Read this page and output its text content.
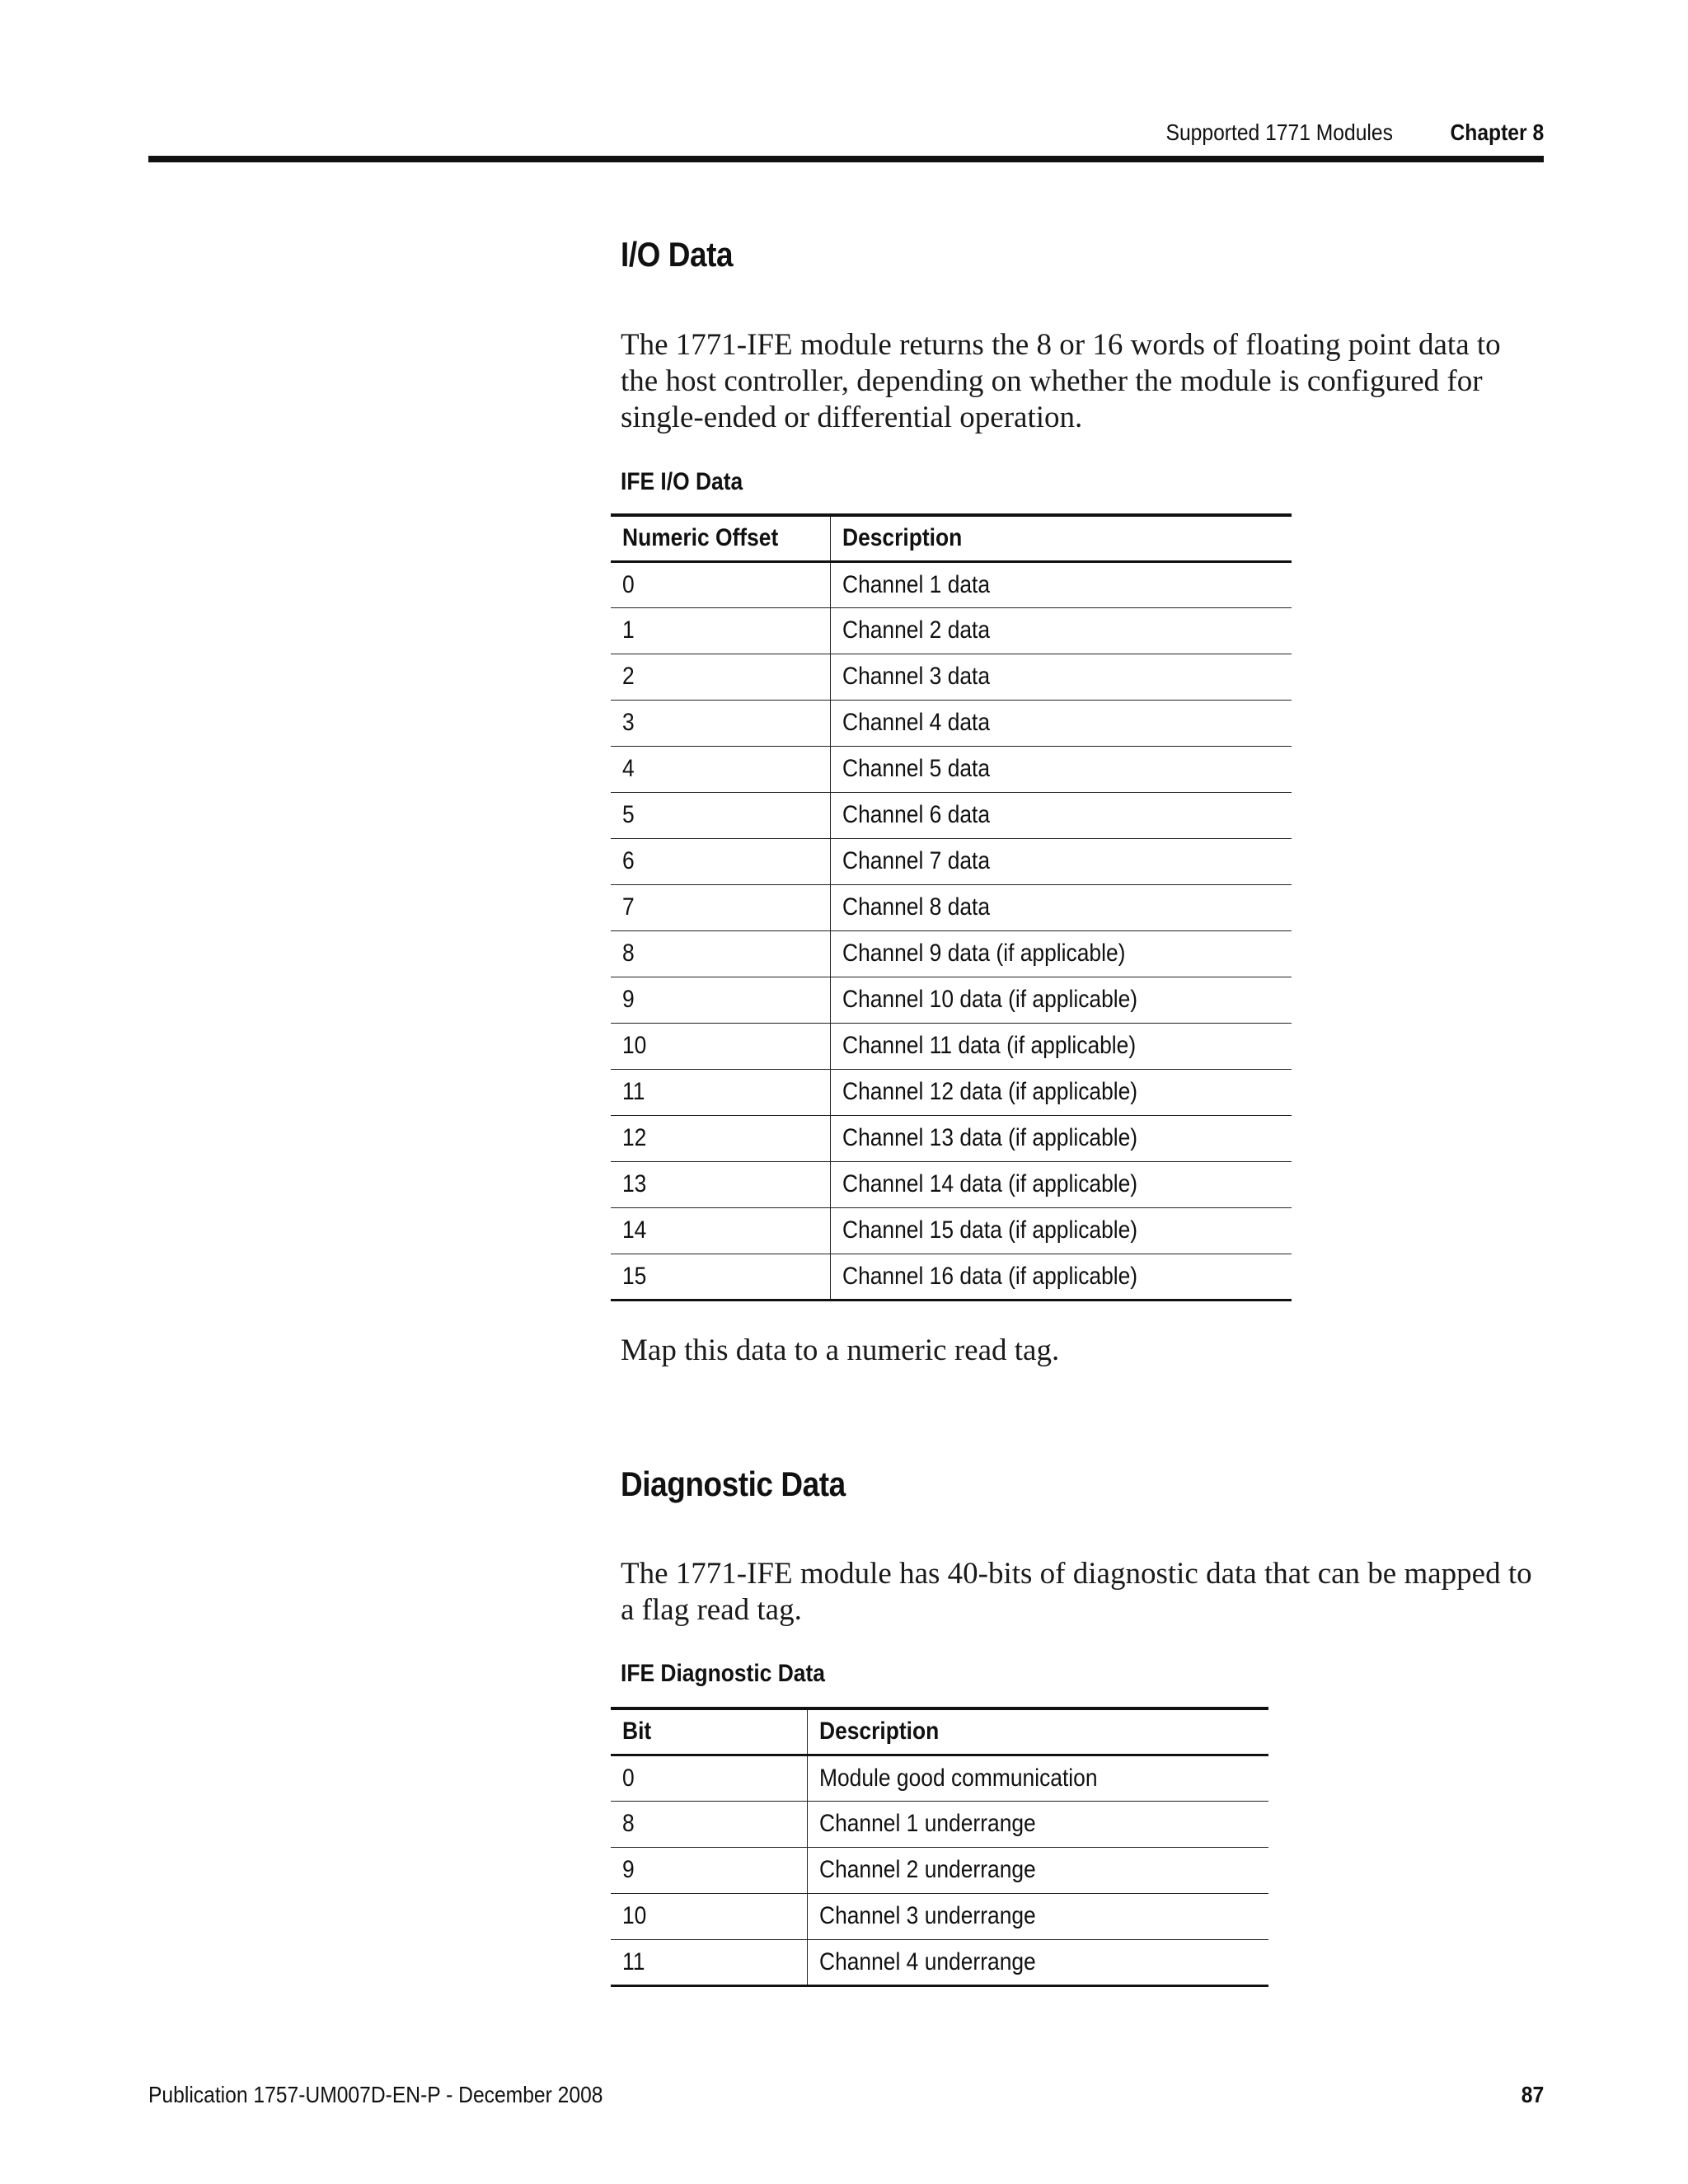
Supported 1771 Modules Chapter 8
I/O Data

The 1771-IFE module returns the 8 or 16 words of floating point data to the host controller, depending on whether the module is configured for single-ended or differential operation.

IFE I/O Data

Numeric Offset	Description
0	Channel 1 data
1	Channel 2 data
2	Channel 3 data
3	Channel 4 data
4	Channel 5 data
5	Channel 6 data
6	Channel 7 data
7	Channel 8 data
8	Channel 9 data (if applicable)
9	Channel 10 data (if applicable)
10	Channel 11 data (if applicable)
11	Channel 12 data (if applicable)
12	Channel 13 data (if applicable)
13	Channel 14 data (if applicable)
14	Channel 15 data (if applicable)
15	Channel 16 data (if applicable)

Map this data to a numeric read tag.

Diagnostic Data

The 1771-IFE module has 40-bits of diagnostic data that can be mapped to a flag read tag.

IFE Diagnostic Data

Bit	Description
0	Module good communication
8	Channel 1 underrange
9	Channel 2 underrange
10	Channel 3 underrange
11	Channel 4 underrange
Publication 1757-UM007D-EN-P - December 2008	87
